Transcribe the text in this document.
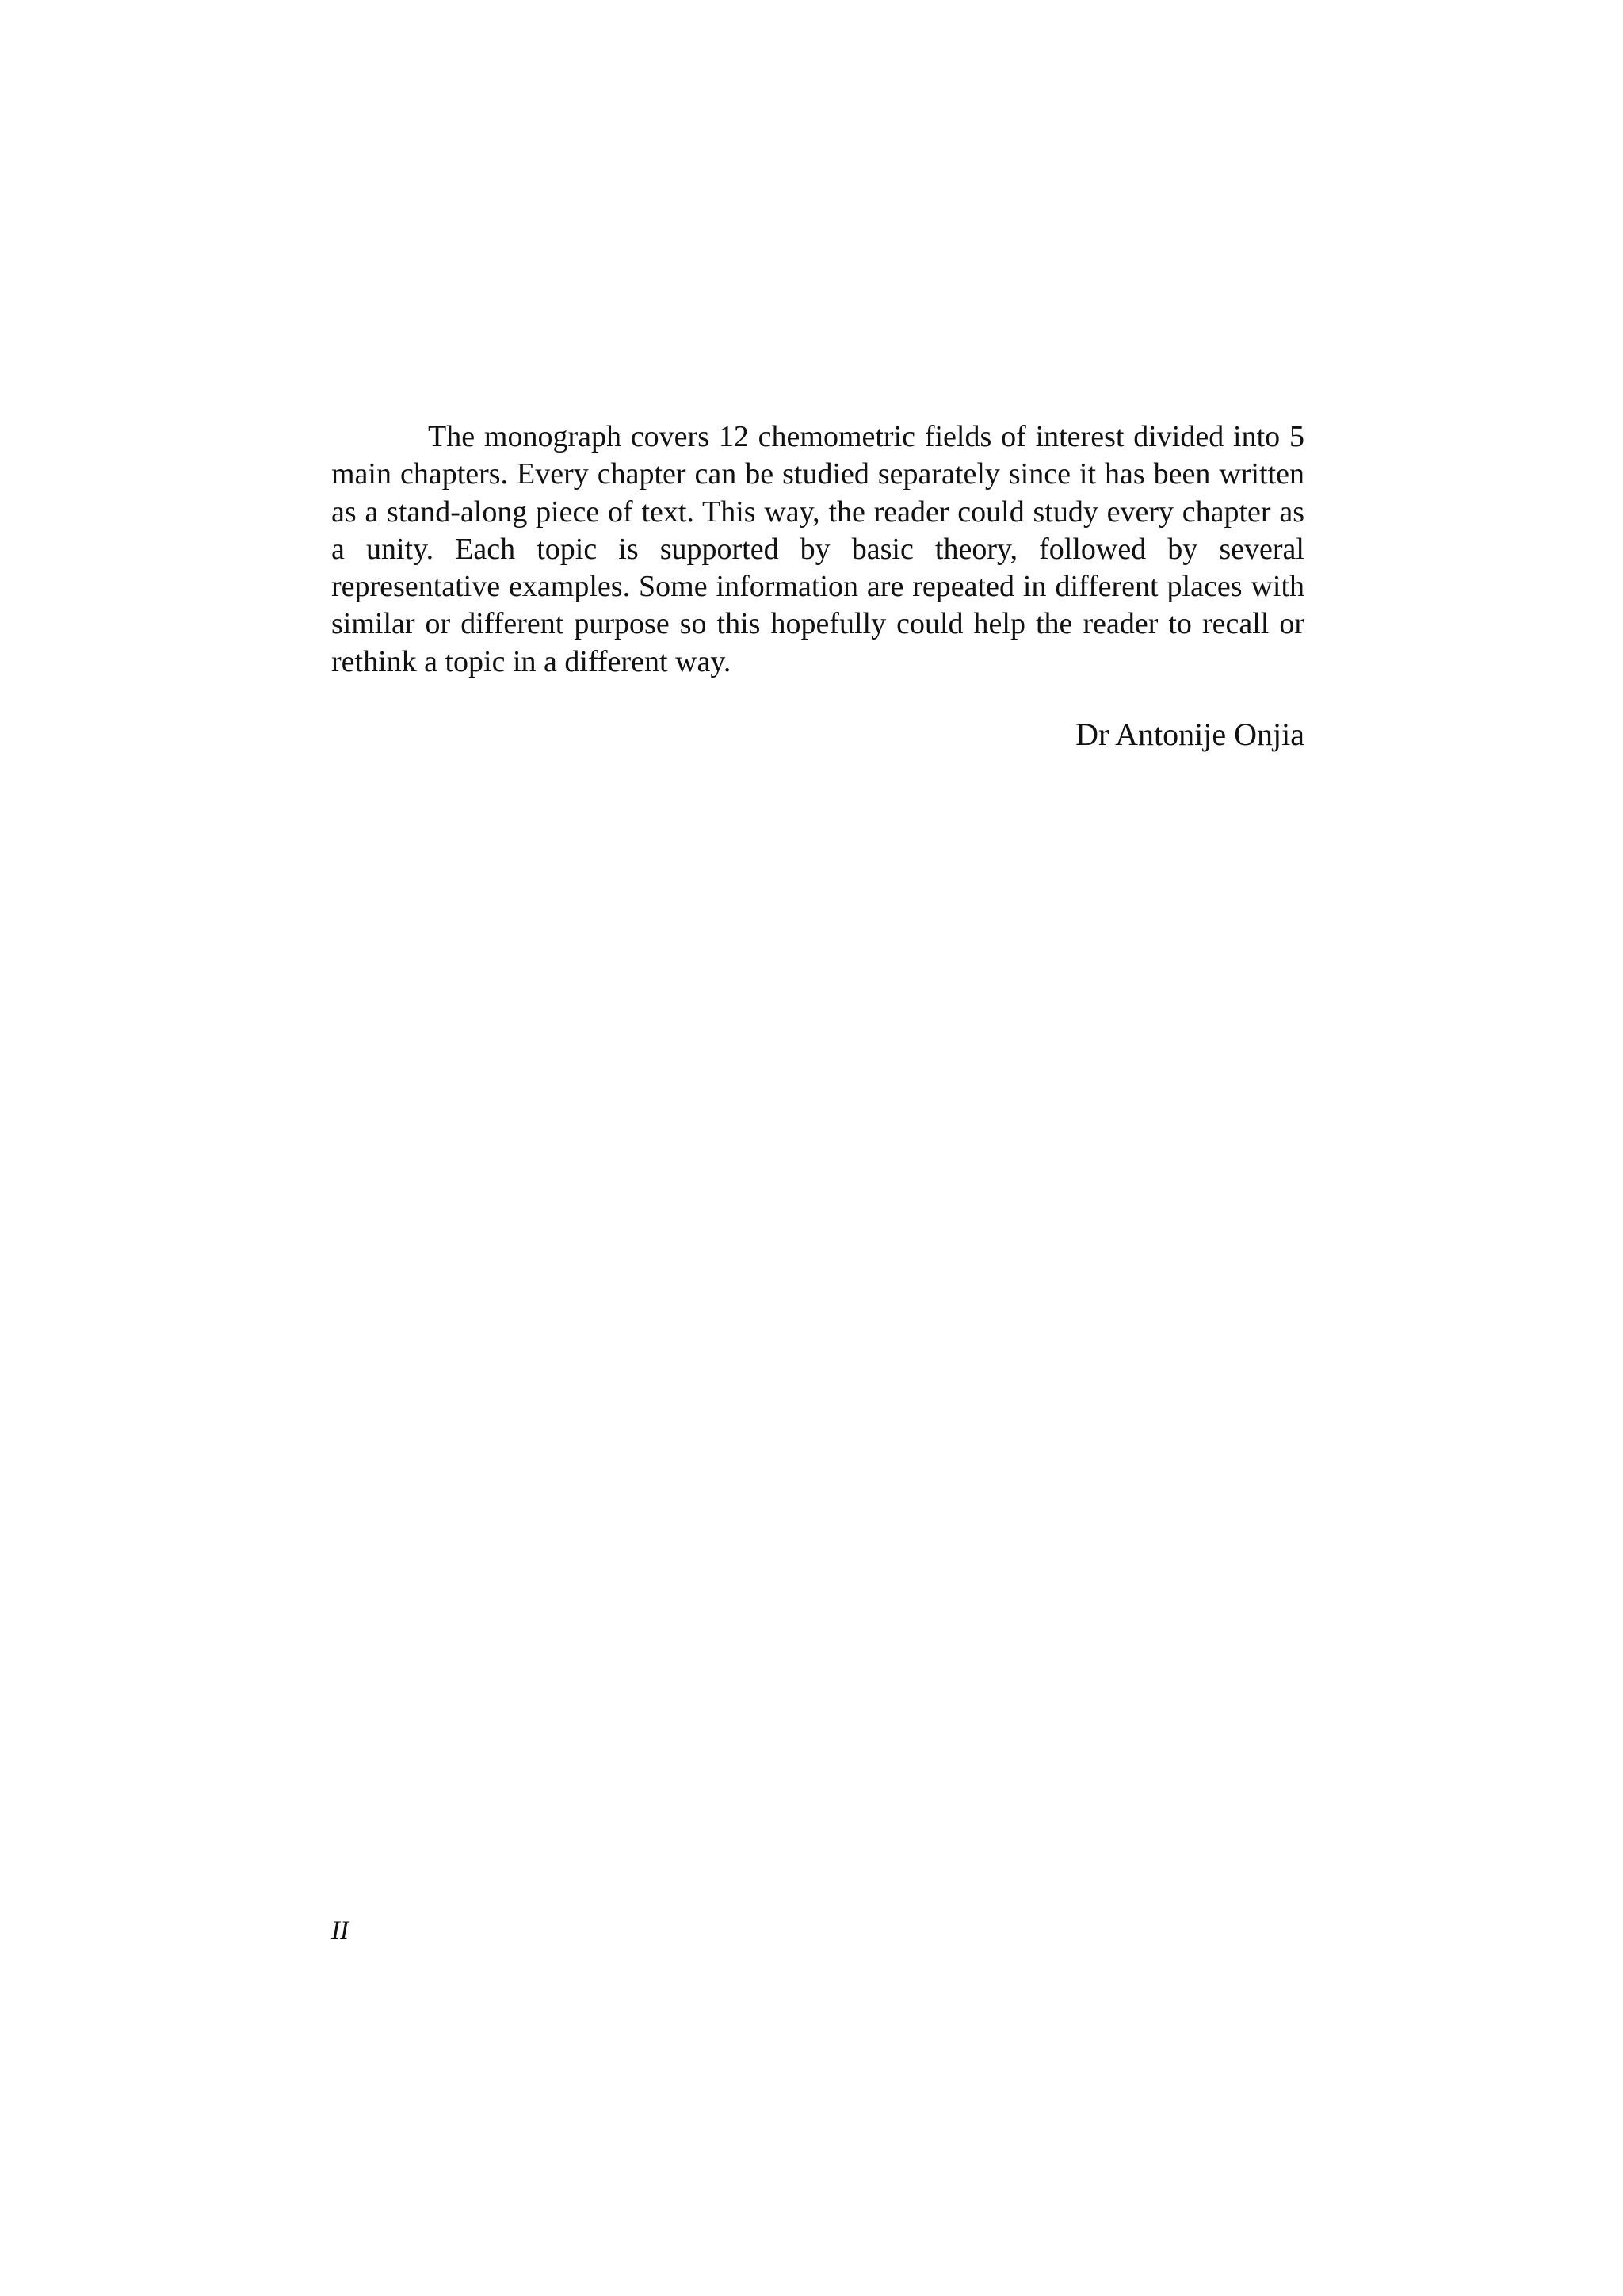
The monograph covers 12 chemometric fields of interest divided into 5 main chapters. Every chapter can be studied separately since it has been written as a stand-along piece of text. This way, the reader could study every chapter as a unity. Each topic is supported by basic theory, followed by several representative examples. Some information are repeated in different places with similar or different purpose so this hopefully could help the reader to recall or rethink a topic in a different way.

Dr Antonije Onjia

II
